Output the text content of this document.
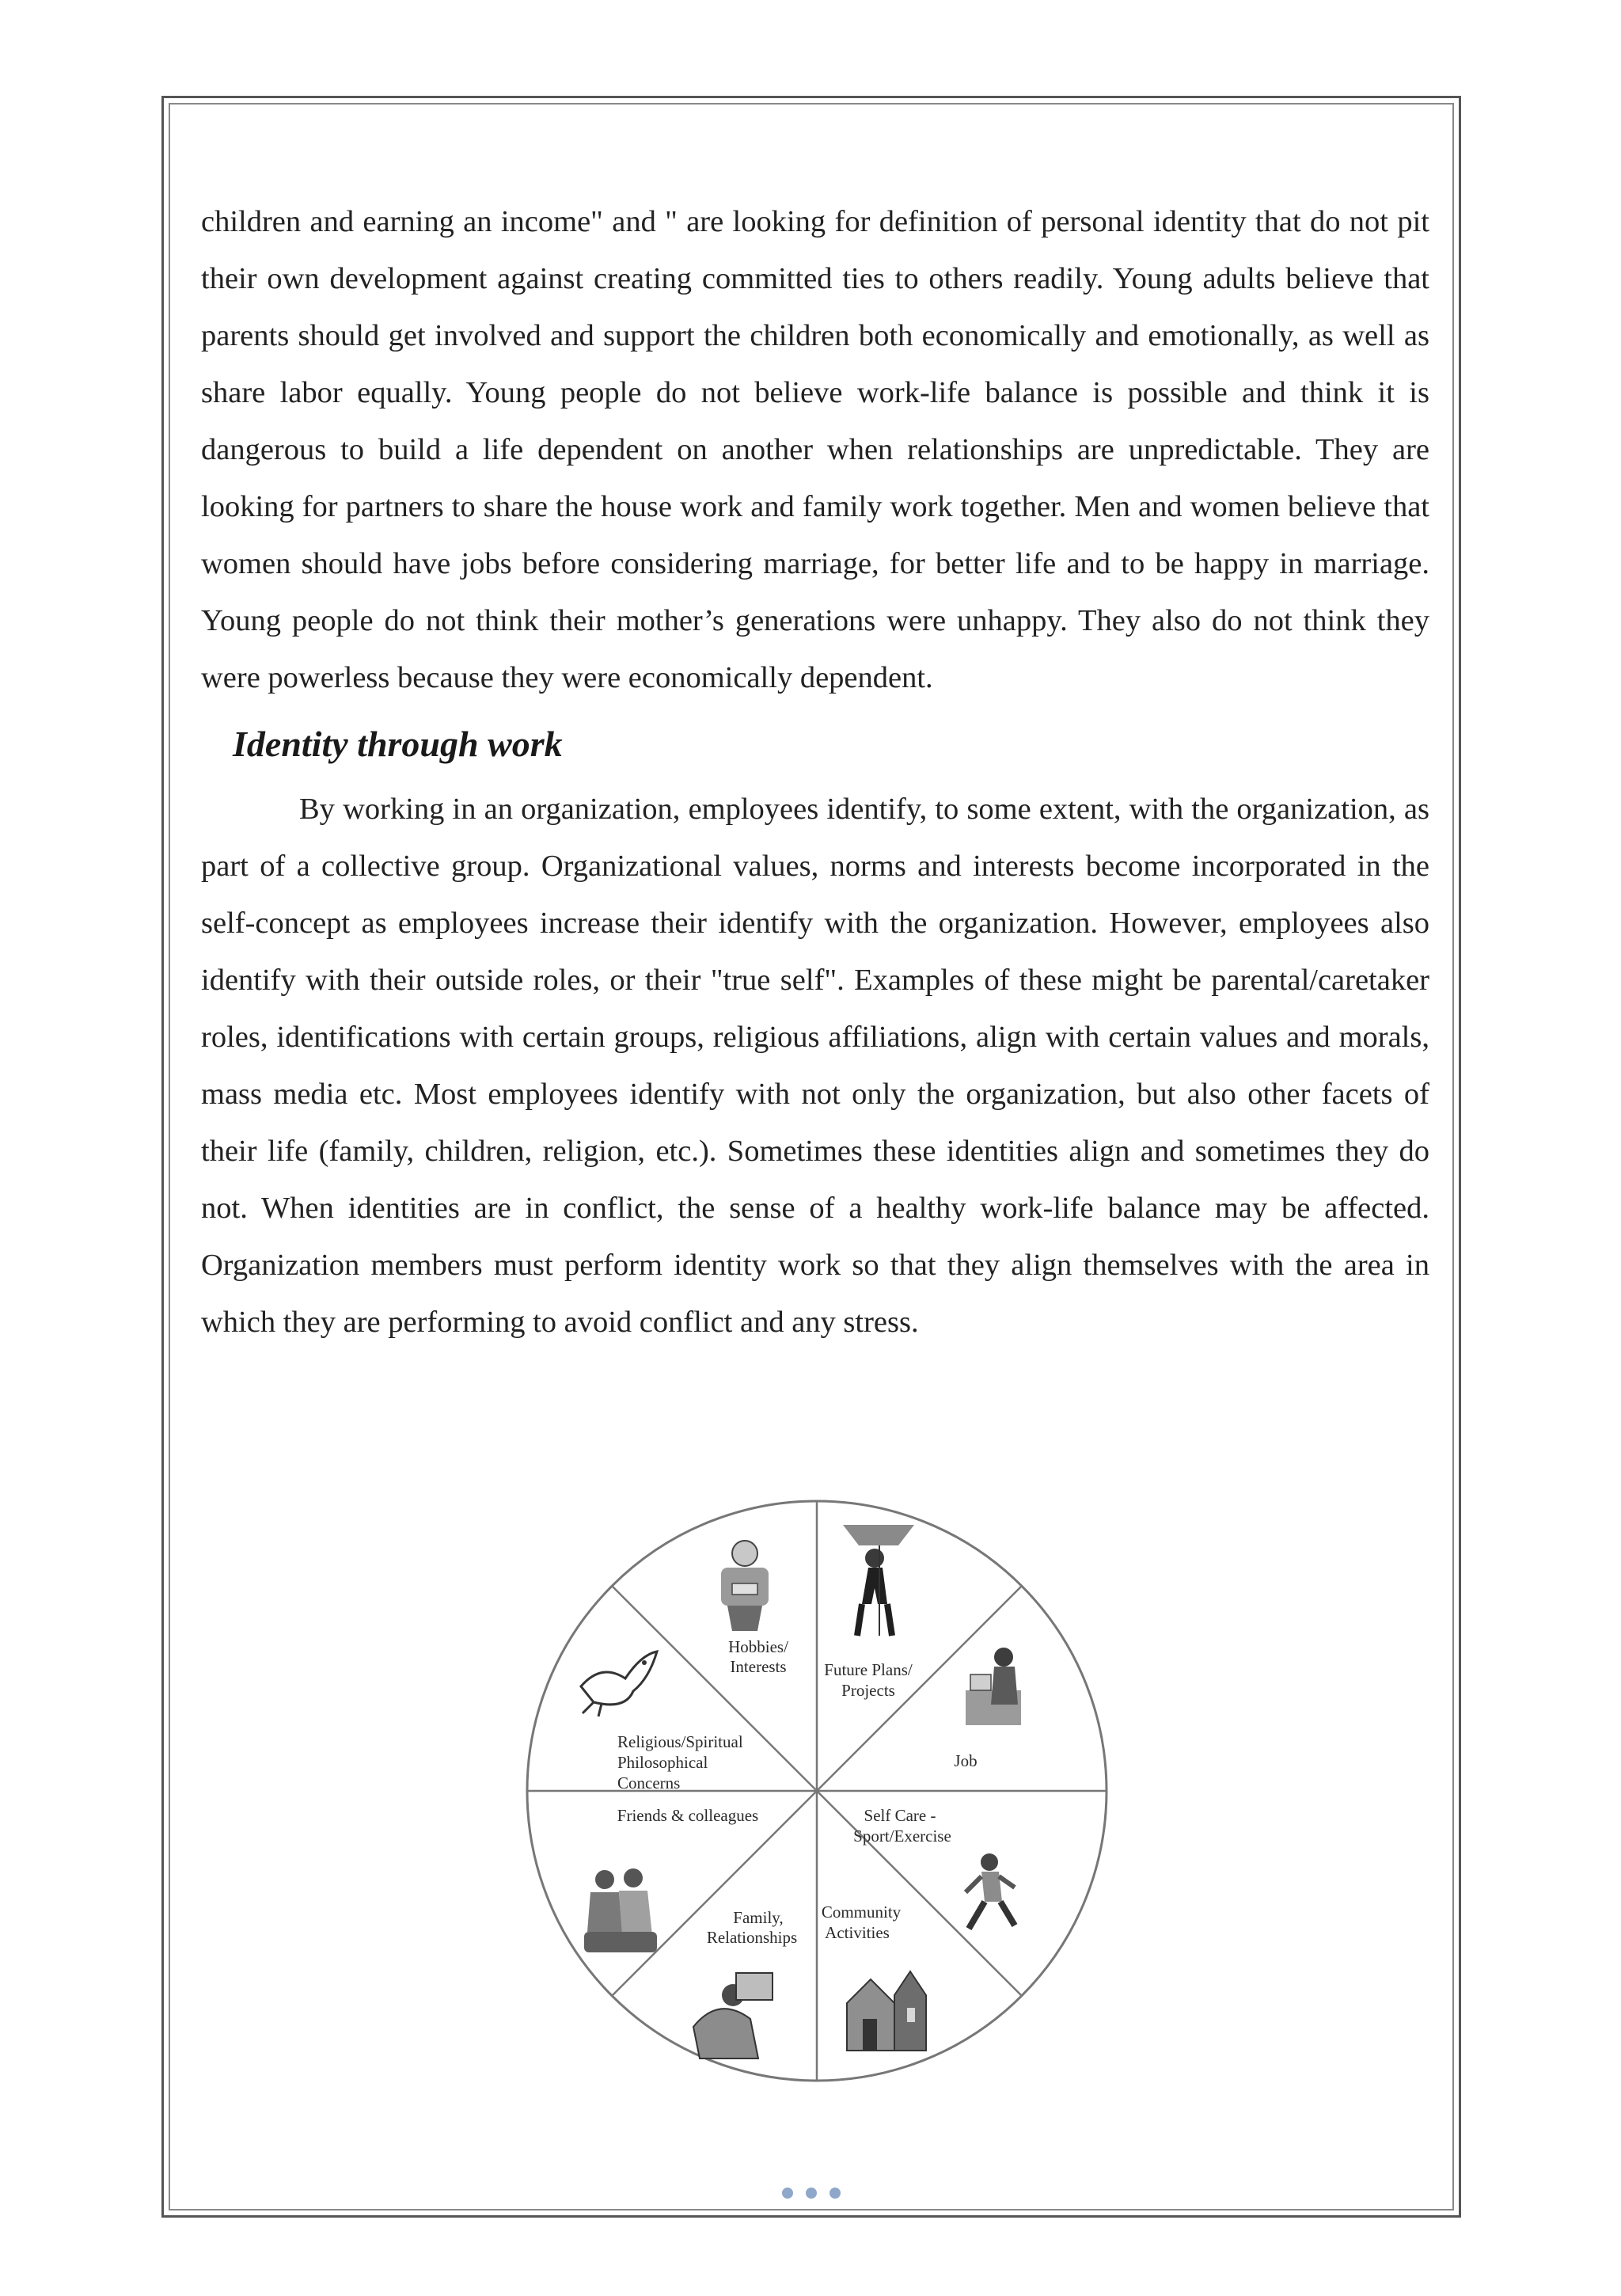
children and earning an income" and " are looking for definition of personal identity that do not pit their own development against creating committed ties to others readily. Young adults believe that parents should get involved and support the children both economically and emotionally, as well as share labor equally. Young people do not believe work-life balance is possible and think it is dangerous to build a life dependent on another when relationships are unpredictable. They are looking for partners to share the house work and family work together. Men and women believe that women should have jobs before considering marriage, for better life and to be happy in marriage. Young people do not think their mother’s generations were unhappy. They also do not think they were powerless because they were economically dependent.

Identity through work

By working in an organization, employees identify, to some extent, with the organization, as part of a collective group. Organizational values, norms and interests become incorporated in the self-concept as employees increase their identify with the organization. However, employees also identify with their outside roles, or their "true self". Examples of these might be parental/caretaker roles, identifications with certain groups, religious affiliations, align with certain values and morals, mass media etc. Most employees identify with not only the organization, but also other facets of their life (family, children, religion, etc.). Sometimes these identities align and sometimes they do not. When identities are in conflict, the sense of a healthy work-life balance may be affected. Organization members must perform identity work so that they align themselves with the area in which they are performing to avoid conflict and any stress.

Hobbies/
Interests Future Plans/
Projects
Job
Self Care -
Sport/Exercise
Community
Activities
Family,
Relationships
Friends & colleagues
Religious/Spiritual
Philosophical
Concerns
